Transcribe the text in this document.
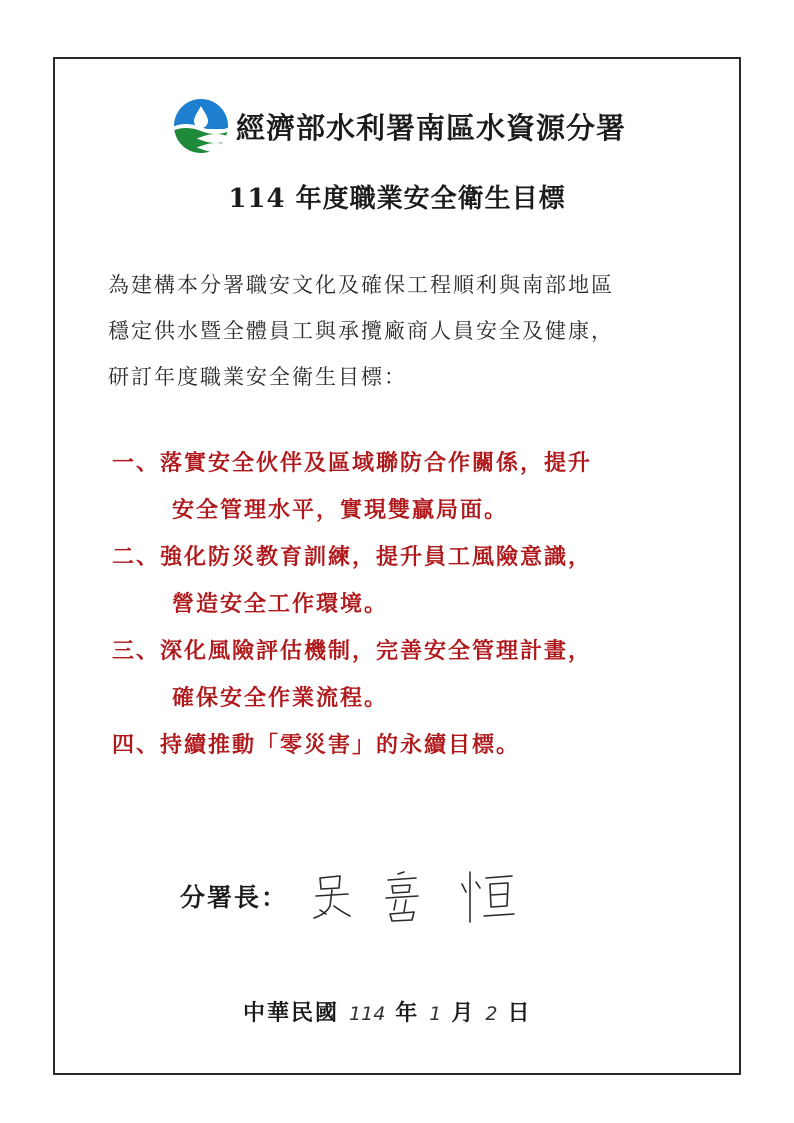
經濟部水利署南區水資源分署
114 年度職業安全衛生目標
為建構本分署職安文化及確保工程順利與南部地區
穩定供水暨全體員工與承攬廠商人員安全及健康，
研訂年度職業安全衛生目標：
一、落實安全伙伴及區域聯防合作關係，提升
安全管理水平，實現雙贏局面。
二、強化防災教育訓練，提升員工風險意識，
營造安全工作環境。
三、深化風險評估機制，完善安全管理計畫，
確保安全作業流程。
四、持續推動「零災害」的永續目標。
分署長：
中華民國 114 年 1 月 2 日
